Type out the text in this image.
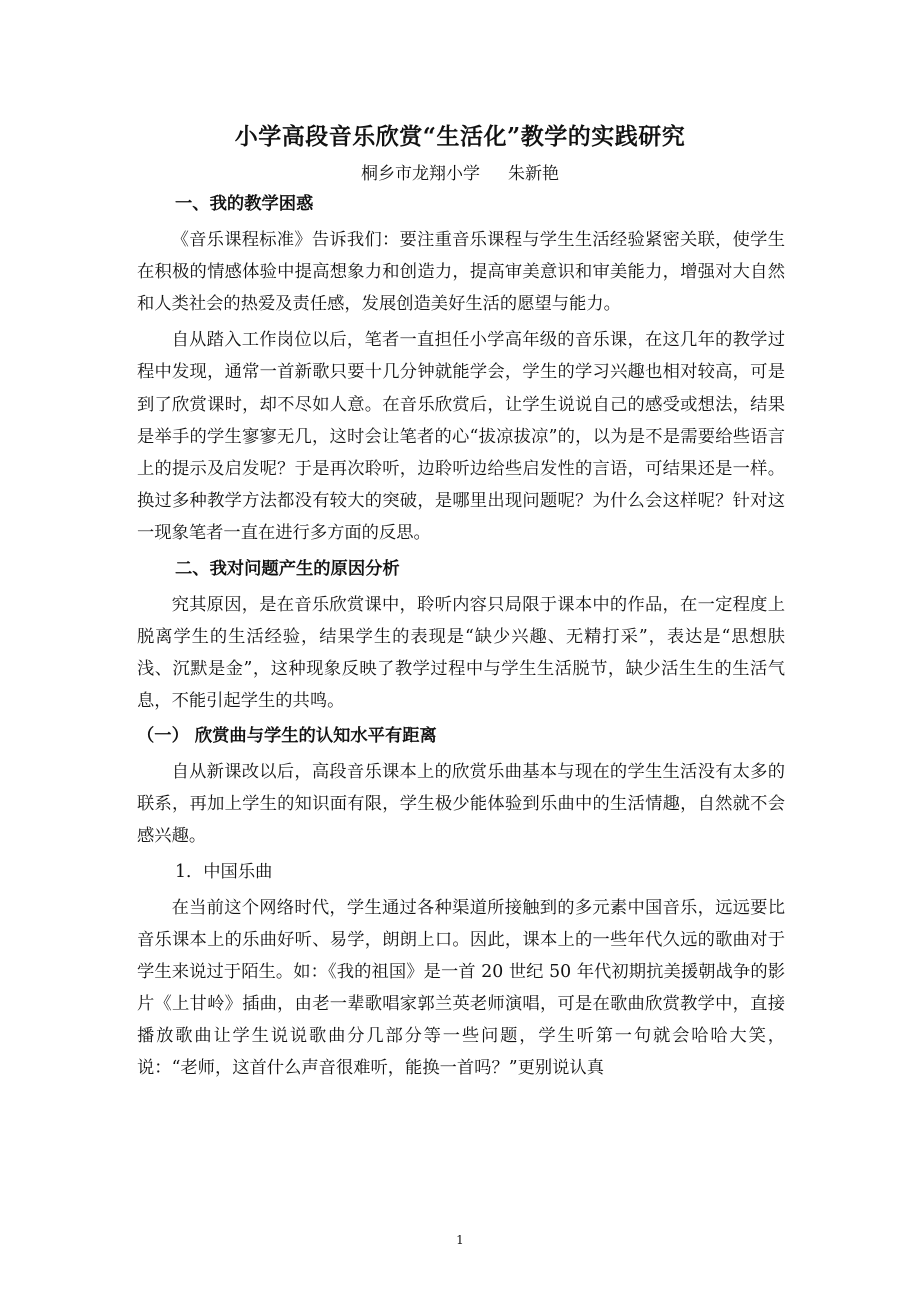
小学高段音乐欣赏“生活化”教学的实践研究
桐乡市龙翔小学 朱新艳

一、我的教学困惑

《音乐课程标准》告诉我们：要注重音乐课程与学生生活经验紧密关联，使学生在积极的情感体验中提高想象力和创造力，提高审美意识和审美能力，增强对大自然和人类社会的热爱及责任感，发展创造美好生活的愿望与能力。

自从踏入工作岗位以后，笔者一直担任小学高年级的音乐课，在这几年的教学过程中发现，通常一首新歌只要十几分钟就能学会，学生的学习兴趣也相对较高，可是到了欣赏课时，却不尽如人意。在音乐欣赏后，让学生说说自己的感受或想法，结果是举手的学生寥寥无几，这时会让笔者的心“拔凉拔凉”的，以为是不是需要给些语言上的提示及启发呢？于是再次聆听，边聆听边给些启发性的言语，可结果还是一样。换过多种教学方法都没有较大的突破，是哪里出现问题呢？为什么会这样呢？针对这一现象笔者一直在进行多方面的反思。

二、我对问题产生的原因分析

究其原因，是在音乐欣赏课中，聆听内容只局限于课本中的作品，在一定程度上脱离学生的生活经验，结果学生的表现是“缺少兴趣、无精打采”，表达是“思想肤浅、沉默是金”，这种现象反映了教学过程中与学生生活脱节，缺少活生生的生活气息，不能引起学生的共鸣。

（一） 欣赏曲与学生的认知水平有距离

自从新课改以后，高段音乐课本上的欣赏乐曲基本与现在的学生生活没有太多的联系，再加上学生的知识面有限，学生极少能体验到乐曲中的生活情趣，自然就不会感兴趣。

1．中国乐曲

在当前这个网络时代，学生通过各种渠道所接触到的多元素中国音乐，远远要比音乐课本上的乐曲好听、易学，朗朗上口。因此，课本上的一些年代久远的歌曲对于学生来说过于陌生。如：《我的祖国》是一首 20 世纪 50 年代初期抗美援朝战争的影片《上甘岭》插曲，由老一辈歌唱家郭兰英老师演唱，可是在歌曲欣赏教学中，直接播放歌曲让学生说说歌曲分几部分等一些问题，学生听第一句就会哈哈大笑，说：“老师，这首什么声音很难听，能换一首吗？”更别说认真

1
